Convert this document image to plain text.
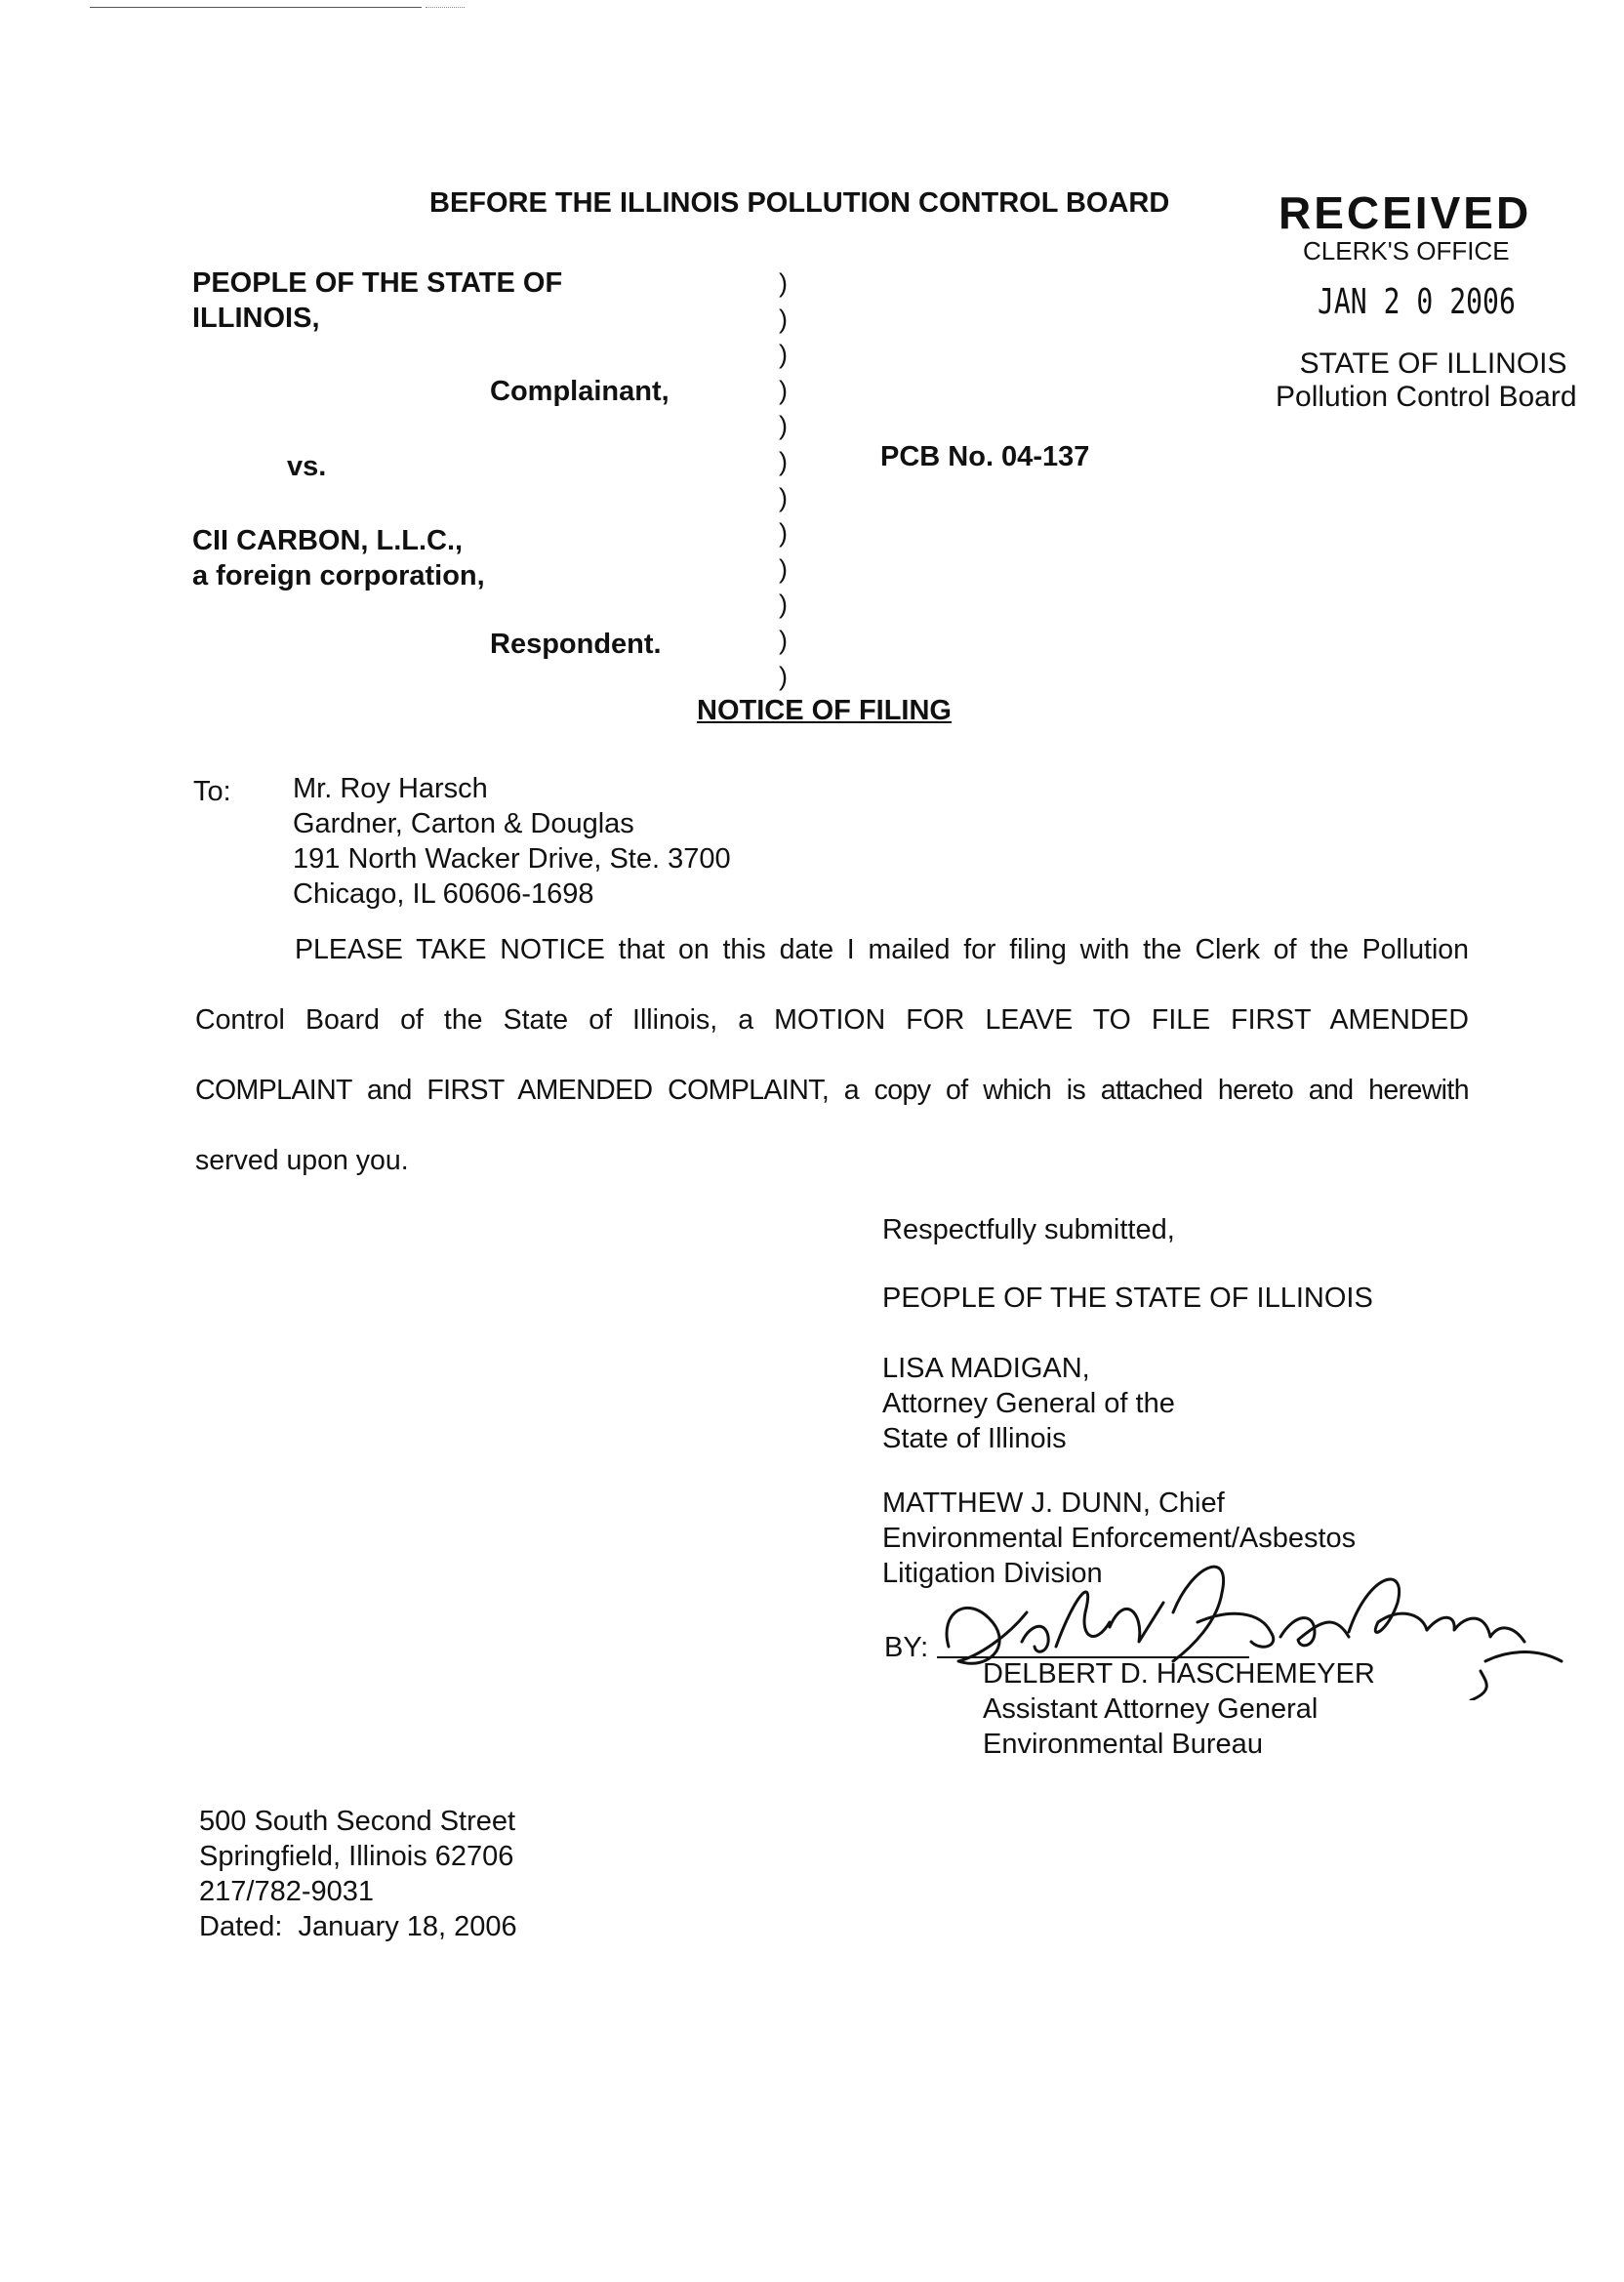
BEFORE THE ILLINOIS POLLUTION CONTROL BOARD RECEIVED
CLERK'S OFFICE
JAN 2 0 2006
STATE OF ILLINOIS
Pollution Control Board
PEOPLE OF THE STATE OF
ILLINOIS,
Complainant,
vs.
CII CARBON, L.L.C.,
a foreign corporation,
Respondent.
)
)
)
)
)
)
)
)
)
)
)
)
PCB No. 04-137
NOTICE OF FILING
To: Mr. Roy Harsch
Gardner, Carton & Douglas
191 North Wacker Drive, Ste. 3700
Chicago, IL 60606-1698
PLEASE TAKE NOTICE that on this date I mailed for filing with the Clerk of the Pollution
Control Board of the State of Illinois, a MOTION FOR LEAVE TO FILE FIRST AMENDED
COMPLAINT and FIRST AMENDED COMPLAINT, a copy of which is attached hereto and herewith
served upon you.
Respectfully submitted,
PEOPLE OF THE STATE OF ILLINOIS
LISA MADIGAN,
Attorney General of the
State of Illinois
MATTHEW J. DUNN, Chief
Environmental Enforcement/Asbestos
Litigation Division
BY:
DELBERT D. HASCHEMEYER
Assistant Attorney General
Environmental Bureau
500 South Second Street
Springfield, Illinois 62706
217/782-9031
Dated:  January 18, 2006
